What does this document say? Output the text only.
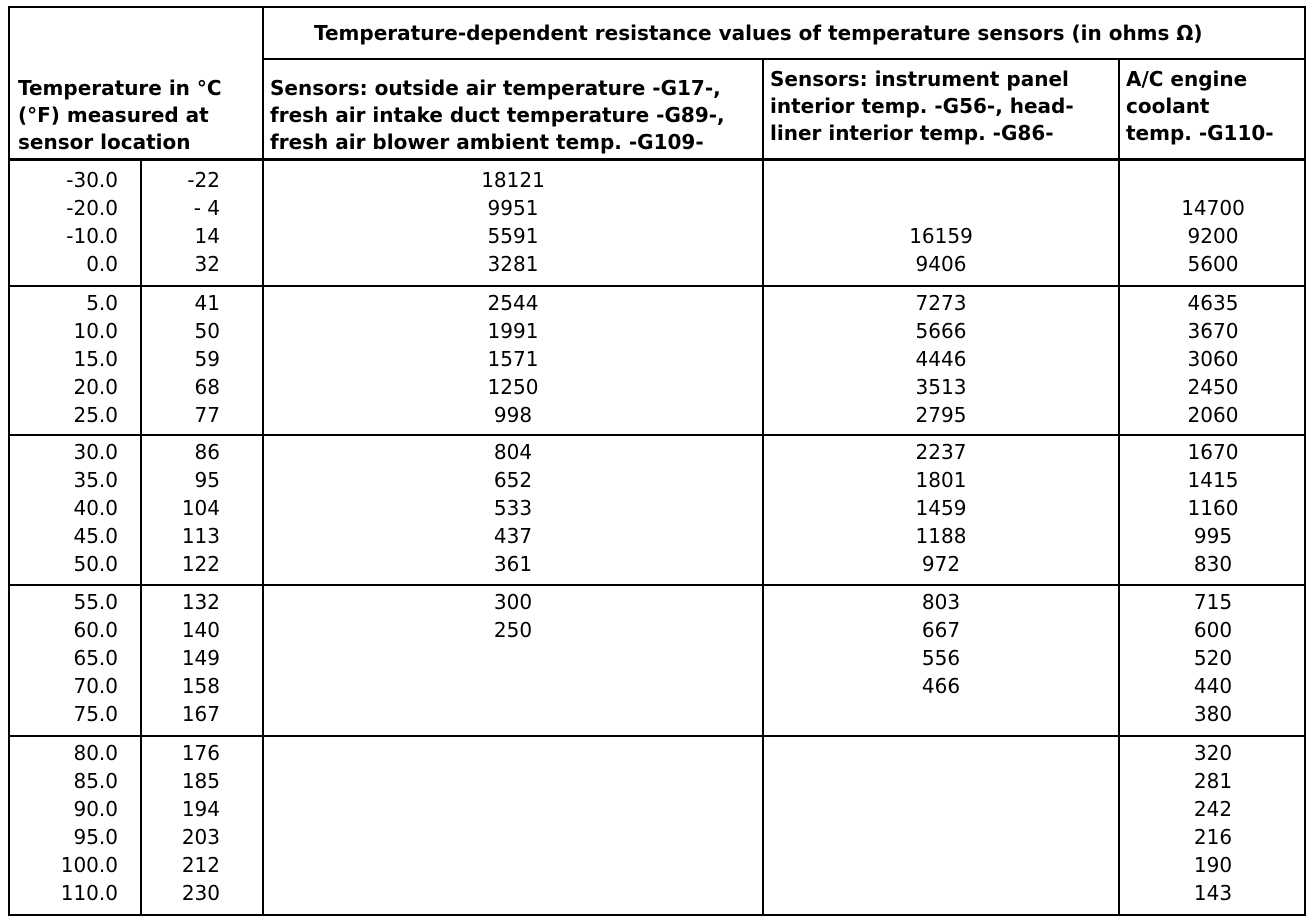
Temperature-dependent resistance values of temperature sensors (in ohms Ω)
Temperature in °C
(°F) measured at
sensor location
Sensors: outside air temperature -G17-,
fresh air intake duct temperature -G89-,
fresh air blower ambient temp. -G109-
Sensors: instrument panel
interior temp. -G56-, head-
liner interior temp. -G86-
A/C engine
coolant
temp. -G110-
-30.0
-20.0
-10.0
0.0
-22
- 4
14
32
18121
9951
5591
3281
16159
9406
14700
9200
5600
5.0
10.0
15.0
20.0
25.0
41
50
59
68
77
2544
1991
1571
1250
998
7273
5666
4446
3513
2795
4635
3670
3060
2450
2060
30.0
35.0
40.0
45.0
50.0
86
95
104
113
122
804
652
533
437
361
2237
1801
1459
1188
972
1670
1415
1160
995
830
55.0
60.0
65.0
70.0
75.0
132
140
149
158
167
300
250
803
667
556
466
715
600
520
440
380
80.0
85.0
90.0
95.0
100.0
110.0
176
185
194
203
212
230
320
281
242
216
190
143
